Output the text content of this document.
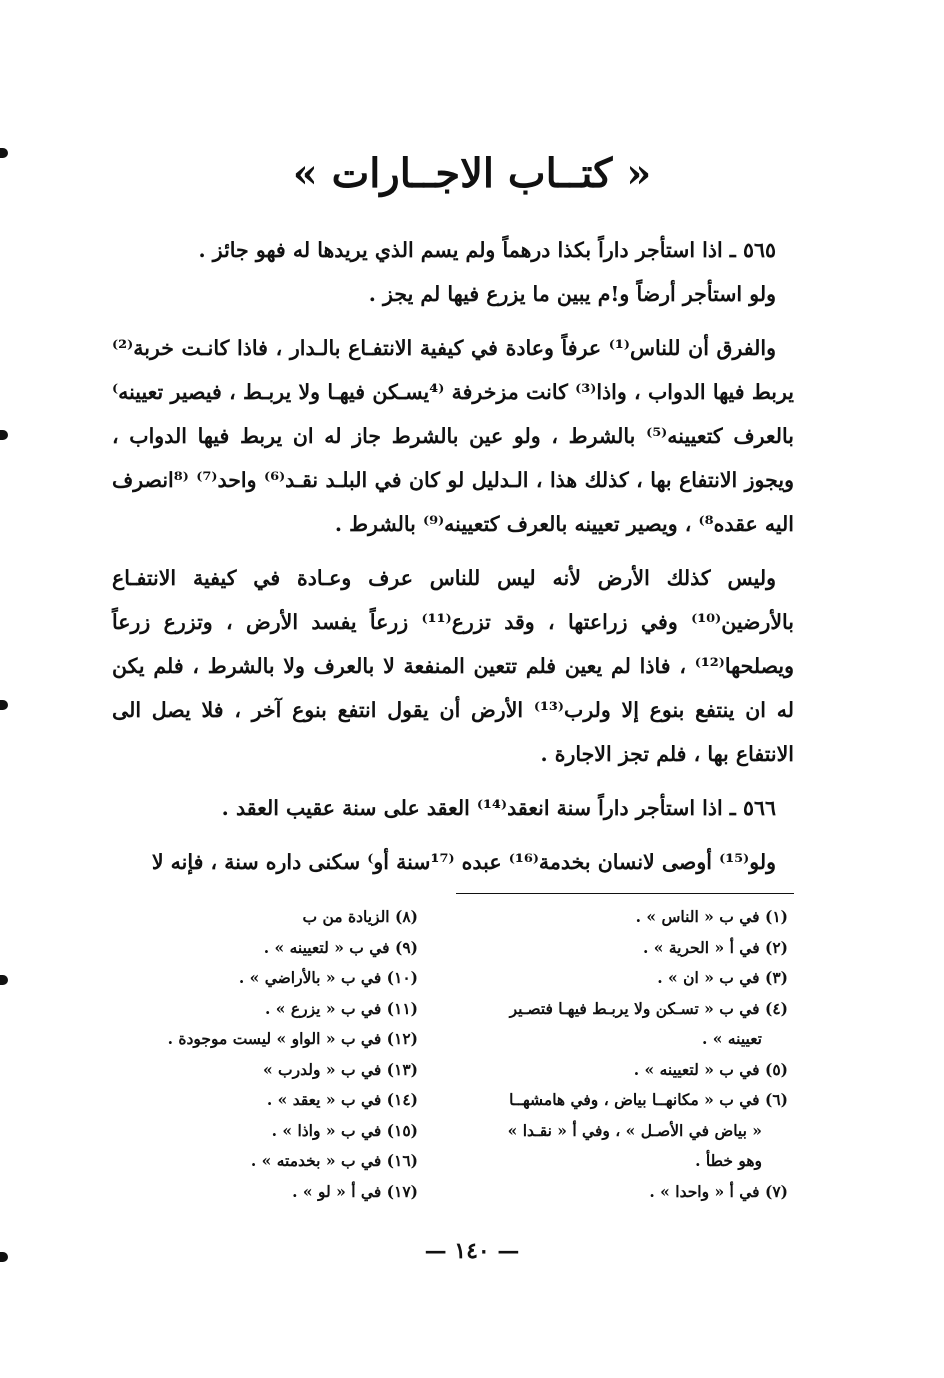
« كتــاب الاجــارات »

٥٦٥ ـ اذا استأجر داراً بكذا درهماً ولم يسم الذي يريدها له فهو جائز .

ولو استأجر أرضاً و!م يبين ما يزرع فيها لم يجز .

والفرق أن للناس⁽¹⁾ عرفاً وعادة في كيفية الانتفـاع بالـدار ، فاذا كانـت خربة⁽²⁾ يربط فيها الدواب ، واذا⁽³⁾ كانت مزخرفة ⁽⁴يسـكن فيهـا ولا يربـط ، فيصير تعيينه⁾ بالعرف كتعيينه⁽⁵⁾ بالشرط ، ولو عين بالشرط جاز له ان يربط فيها الدواب ، ويجوز الانتفاع بها ، كذلك هذا ، الـدليل لو كان في البلـد نقـد⁽⁶⁾ واحد⁽⁷⁾ ⁽⁸انصرف اليه عقده⁸⁾ ، ويصير تعيينه بالعرف كتعيينه⁽⁹⁾ بالشرط .

وليس كذلك الأرض لأنه ليس للناس عرف وعـادة في كيفية الانتفـاع بالأرضين⁽¹⁰⁾ وفي زراعتها ، وقد تزرع⁽¹¹⁾ زرعاً يفسد الأرض ، وتزرع زرعاً ويصلحها⁽¹²⁾ ، فاذا لم يعين فلم تتعين المنفعة لا بالعرف ولا بالشرط ، فلم يكن له ان ينتفع بنوع إلا ولرب⁽¹³⁾ الأرض أن يقول انتفع بنوع آخر ، فلا يصل الى الانتفاع بها ، فلم تجز الاجارة .

٥٦٦ ـ اذا استأجر داراً سنة انعقد⁽¹⁴⁾ العقد على سنة عقيب العقد .

ولو⁽¹⁵⁾ أوصى لانسان بخدمة⁽¹⁶⁾ عبده ⁽¹⁷سنة أو⁾ سكنى داره سنة ، فإنه لا

(١) في ب « الناس » .
(٢) في أ « الحرية » .
(٣) في ب « ان » .
(٤) في ب « تسـكن ولا يربـط فيهـا فتصـير
تعيينه » .
(٥) في ب « لتعيينه » .
(٦) في ب « مكانهــا بياض ، وفي هامشهــا
« بياض في الأصـل » ، وفي أ « نقـدا »
وهو خطأ .
(٧) في أ « واحدا » .
(٨) الزيادة من ب
(٩) في ب « لتعيينه » .
(١٠) في ب « بالأراضي » .
(١١) في ب « يزرع » .
(١٢) في ب « الواو » ليست موجودة .
(١٣) في ب « ولدرب »
(١٤) في ب « يعقد » .
(١٥) في ب « واذا » .
(١٦) في ب « بخدمته » .
(١٧) في أ « لو » .
— ١٤٠ —
